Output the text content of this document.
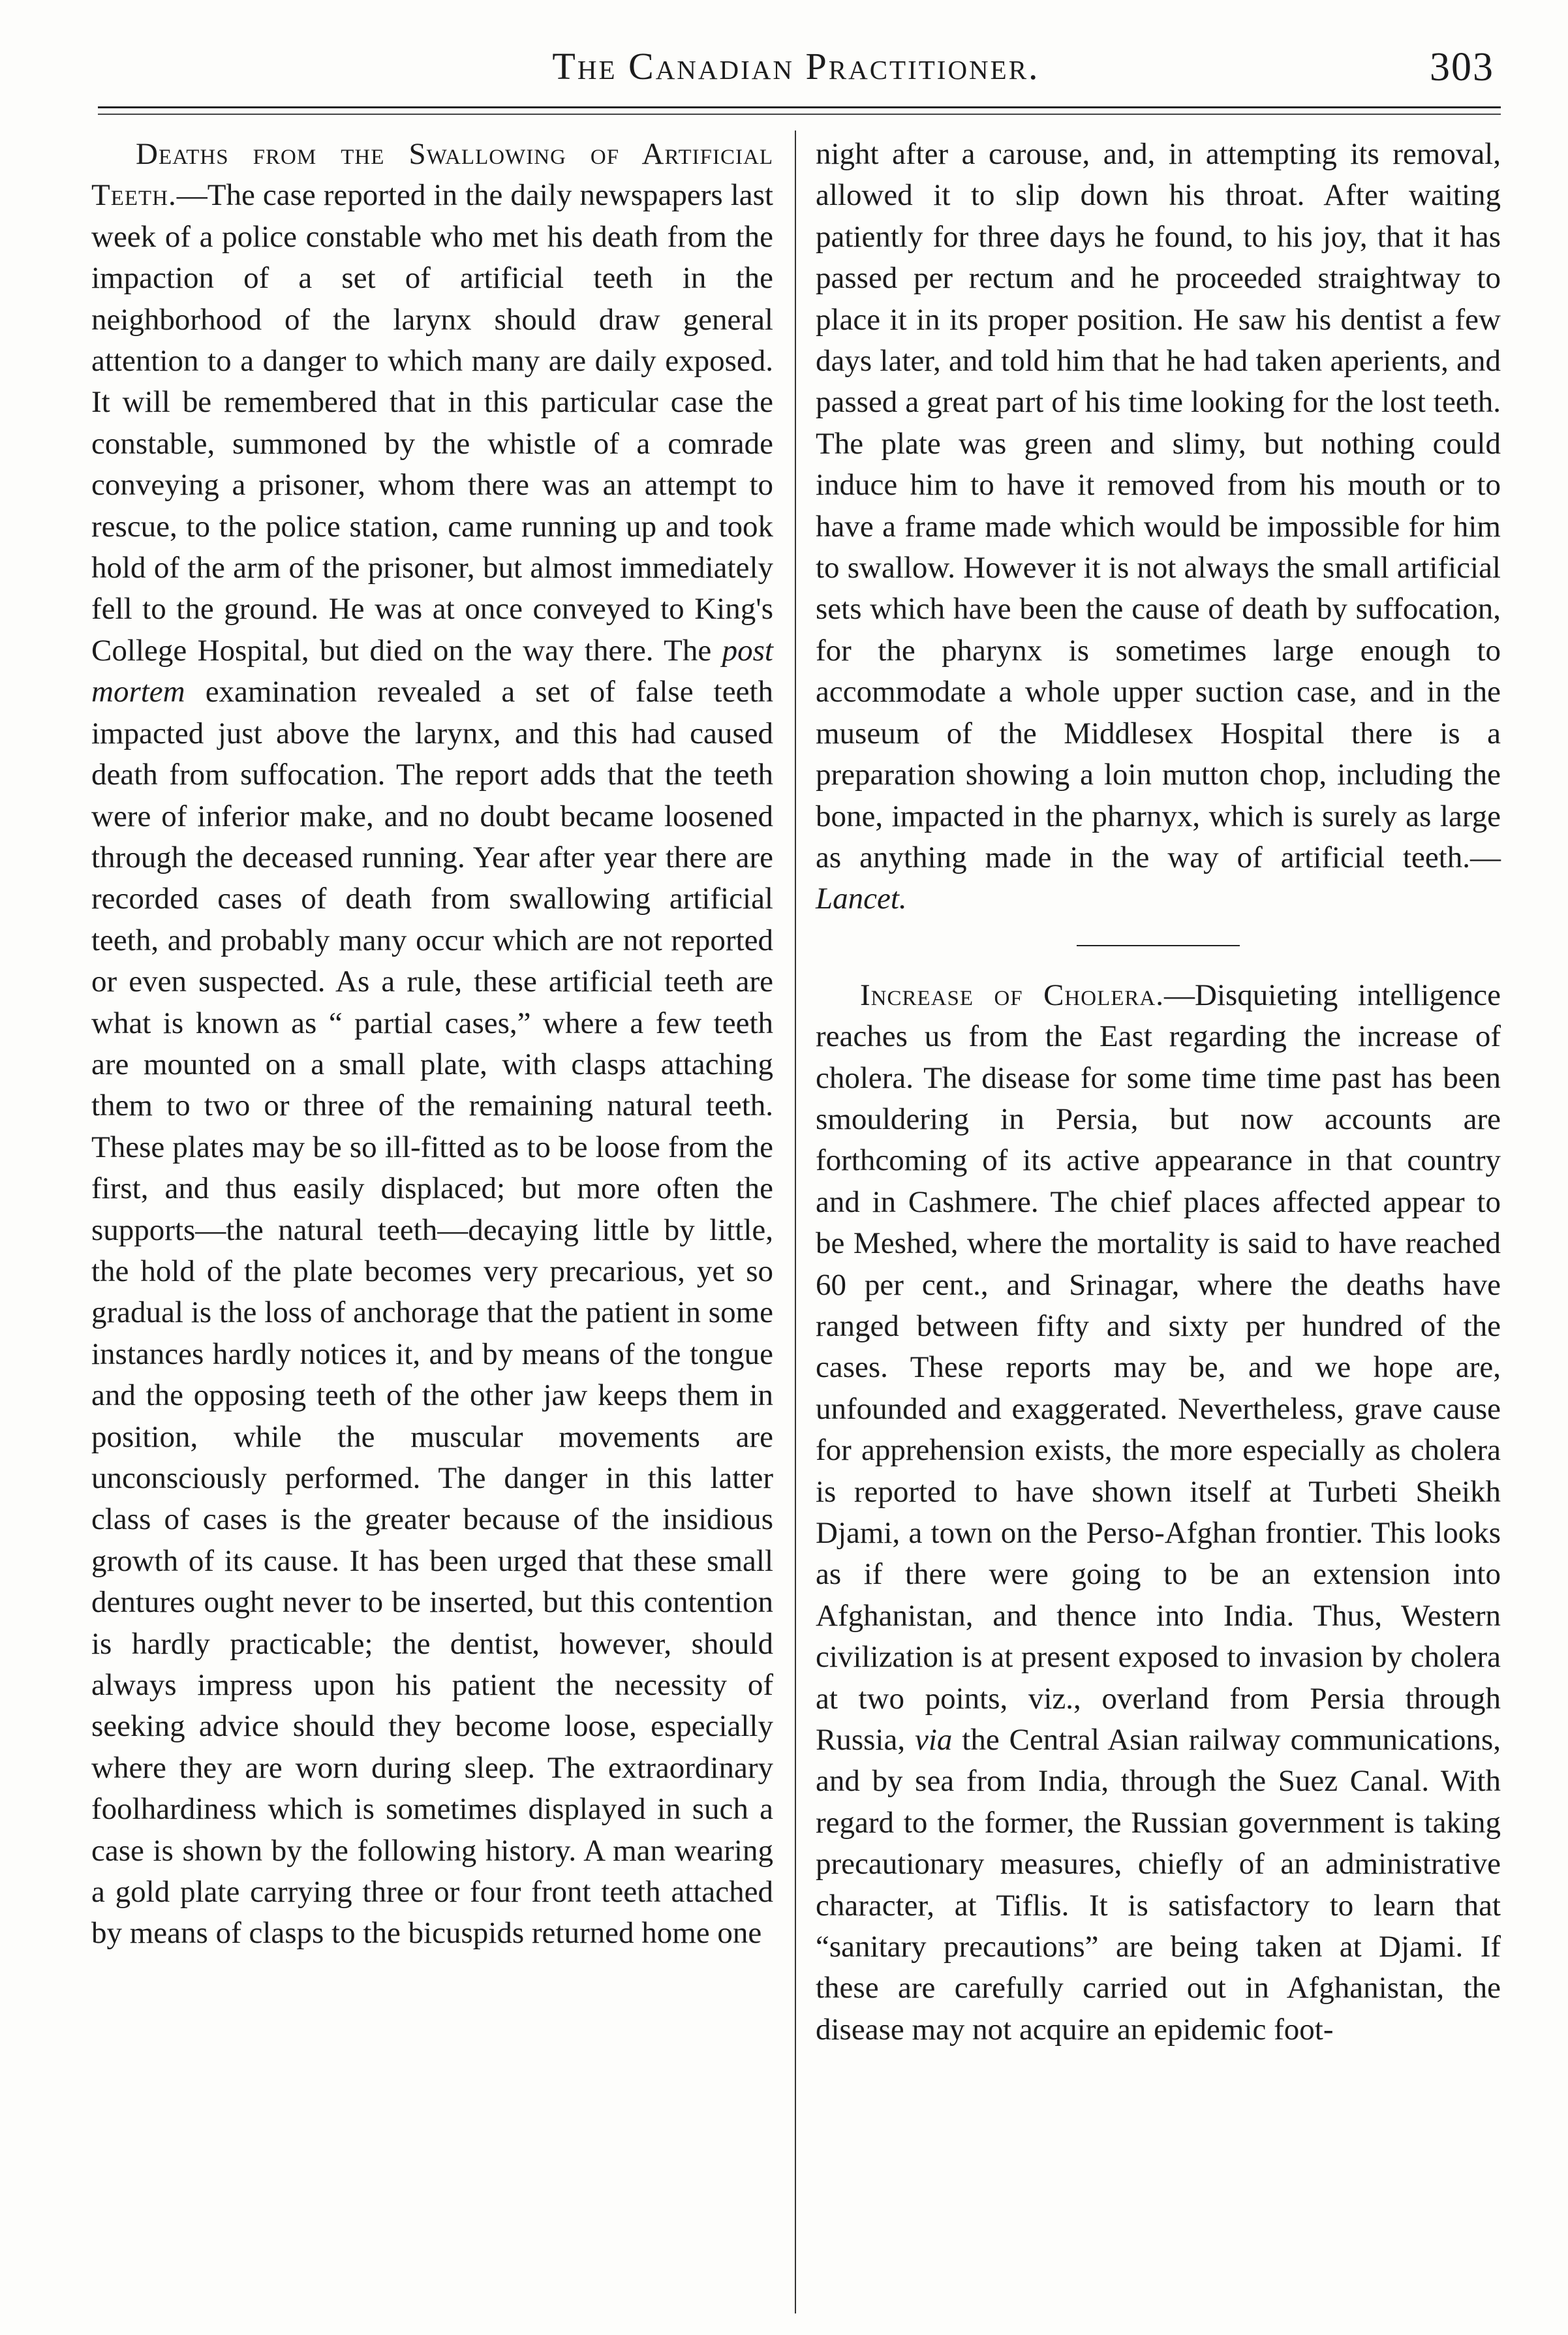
The Canadian Practitioner.	303

Deaths from the Swallowing of Artificial Teeth.—The case reported in the daily newspapers last week of a police constable who met his death from the impaction of a set of artificial teeth in the neighborhood of the larynx should draw general attention to a danger to which many are daily exposed. It will be remembered that in this particular case the constable, summoned by the whistle of a comrade conveying a prisoner, whom there was an attempt to rescue, to the police station, came running up and took hold of the arm of the prisoner, but almost immediately fell to the ground. He was at once conveyed to King's College Hospital, but died on the way there. The post mortem examination revealed a set of false teeth impacted just above the larynx, and this had caused death from suffocation. The report adds that the teeth were of inferior make, and no doubt became loosened through the deceased running. Year after year there are recorded cases of death from swallowing artificial teeth, and probably many occur which are not reported or even suspected. As a rule, these artificial teeth are what is known as “ partial cases,” where a few teeth are mounted on a small plate, with clasps attaching them to two or three of the remaining natural teeth. These plates may be so ill-fitted as to be loose from the first, and thus easily displaced; but more often the supports—the natural teeth—decaying little by little, the hold of the plate becomes very precarious, yet so gradual is the loss of anchorage that the patient in some instances hardly notices it, and by means of the tongue and the opposing teeth of the other jaw keeps them in position, while the muscular movements are unconsciously performed. The danger in this latter class of cases is the greater because of the insidious growth of its cause. It has been urged that these small dentures ought never to be inserted, but this contention is hardly practicable; the dentist, however, should always impress upon his patient the necessity of seeking advice should they become loose, especially where they are worn during sleep. The extraordinary foolhardiness which is sometimes displayed in such a case is shown by the following history. A man wearing a gold plate carrying three or four front teeth attached by means of clasps to the bicuspids returned home one

night after a carouse, and, in attempting its removal, allowed it to slip down his throat. After waiting patiently for three days he found, to his joy, that it has passed per rectum and he proceeded straightway to place it in its proper position. He saw his dentist a few days later, and told him that he had taken aperients, and passed a great part of his time looking for the lost teeth. The plate was green and slimy, but nothing could induce him to have it removed from his mouth or to have a frame made which would be impossible for him to swallow. However it is not always the small artificial sets which have been the cause of death by suffocation, for the pharynx is sometimes large enough to accommodate a whole upper suction case, and in the museum of the Middlesex Hospital there is a preparation showing a loin mutton chop, including the bone, impacted in the pharnyx, which is surely as large as anything made in the way of artificial teeth.—Lancet.

Increase of Cholera.—Disquieting intelligence reaches us from the East regarding the increase of cholera. The disease for some time time past has been smouldering in Persia, but now accounts are forthcoming of its active appearance in that country and in Cashmere. The chief places affected appear to be Meshed, where the mortality is said to have reached 60 per cent., and Srinagar, where the deaths have ranged between fifty and sixty per hundred of the cases. These reports may be, and we hope are, unfounded and exaggerated. Nevertheless, grave cause for apprehension exists, the more especially as cholera is reported to have shown itself at Turbeti Sheikh Djami, a town on the Perso-Afghan frontier. This looks as if there were going to be an extension into Afghanistan, and thence into India. Thus, Western civilization is at present exposed to invasion by cholera at two points, viz., overland from Persia through Russia, via the Central Asian railway communications, and by sea from India, through the Suez Canal. With regard to the former, the Russian government is taking precautionary measures, chiefly of an administrative character, at Tiflis. It is satisfactory to learn that “sanitary precautions” are being taken at Djami. If these are carefully carried out in Afghanistan, the disease may not acquire an epidemic foot-
